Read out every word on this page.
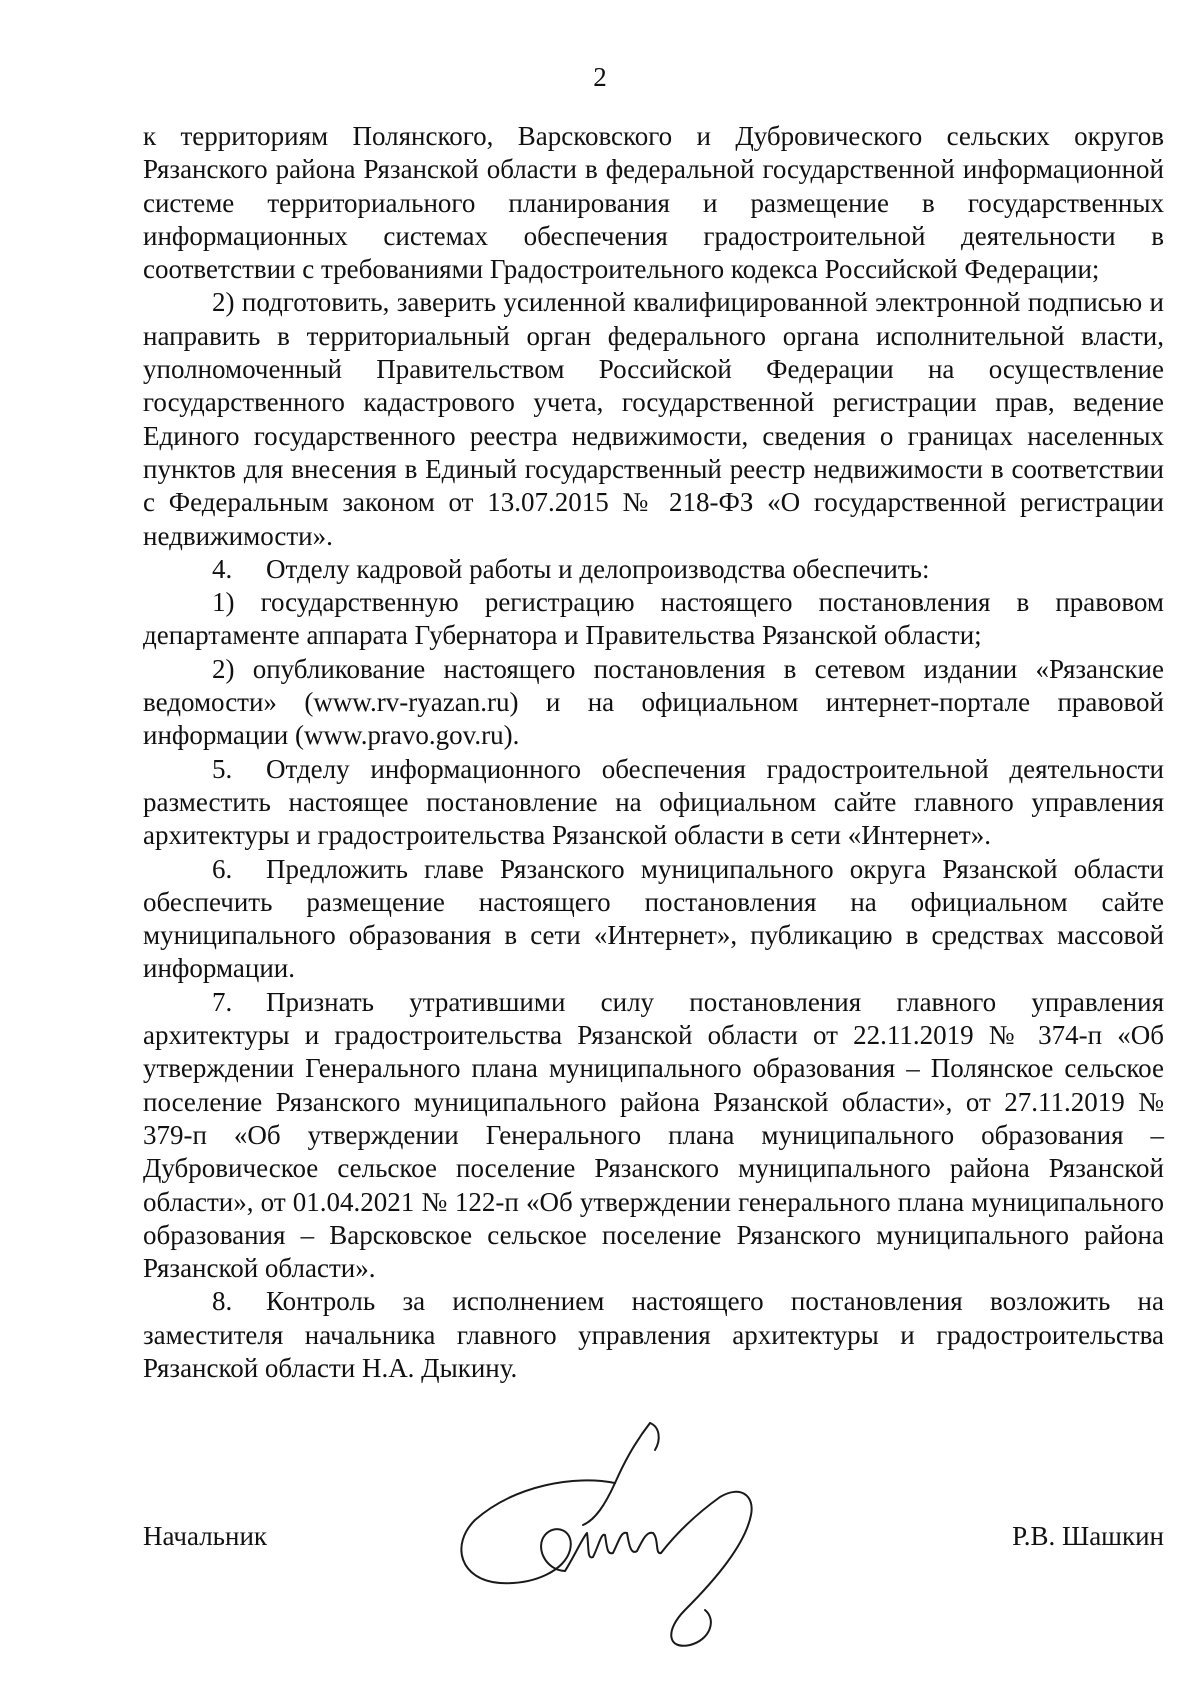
2

к территориям Полянского, Варсковского и Дубровического сельских округов Рязанского района Рязанской области в федеральной государственной информационной системе территориального планирования и размещение в государственных информационных системах обеспечения градостроительной деятельности в соответствии с требованиями Градостроительного кодекса Российской Федерации;

2) подготовить, заверить усиленной квалифицированной электронной подписью и направить в территориальный орган федерального органа исполнительной власти, уполномоченный Правительством Российской Федерации на осуществление государственного кадастрового учета, государственной регистрации прав, ведение Единого государственного реестра недвижимости, сведения о границах населенных пунктов для внесения в Единый государственный реестр недвижимости в соответствии с Федеральным законом от 13.07.2015 № 218-ФЗ «О государственной регистрации недвижимости».

4. Отделу кадровой работы и делопроизводства обеспечить:

1) государственную регистрацию настоящего постановления в правовом департаменте аппарата Губернатора и Правительства Рязанской области;

2) опубликование настоящего постановления в сетевом издании «Рязанские ведомости» (www.rv-ryazan.ru) и на официальном интернет-портале правовой информации (www.pravo.gov.ru).

5. Отделу информационного обеспечения градостроительной деятельности разместить настоящее постановление на официальном сайте главного управления архитектуры и градостроительства Рязанской области в сети «Интернет».

6. Предложить главе Рязанского муниципального округа Рязанской области обеспечить размещение настоящего постановления на официальном сайте муниципального образования в сети «Интернет», публикацию в средствах массовой информации.

7. Признать утратившими силу постановления главного управления архитектуры и градостроительства Рязанской области от 22.11.2019 № 374-п «Об утверждении Генерального плана муниципального образования – Полянское сельское поселение Рязанского муниципального района Рязанской области», от 27.11.2019 № 379-п «Об утверждении Генерального плана муниципального образования – Дубровическое сельское поселение Рязанского муниципального района Рязанской области», от 01.04.2021 № 122-п «Об утверждении генерального плана муниципального образования – Варсковское сельское поселение Рязанского муниципального района Рязанской области».

8. Контроль за исполнением настоящего постановления возложить на заместителя начальника главного управления архитектуры и градостроительства Рязанской области Н.А. Дыкину.

Начальник	Р.В. Шашкин
